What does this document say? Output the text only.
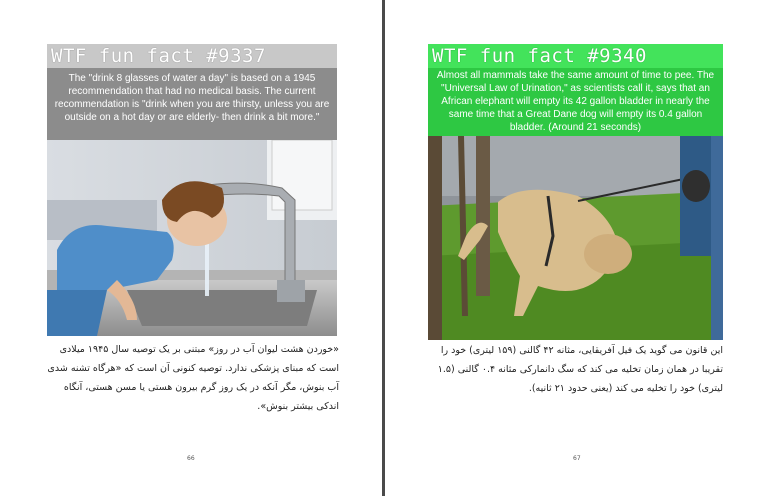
WTF fun fact #9337
The "drink 8 glasses of water a day" is based on a 1945 recommendation that had no medical basis. The current recommendation is "drink when you are thirsty, unless you are outside on a hot day or are elderly- then drink a bit more."
«خوردن هشت لیوان آب در روز» مبتنی بر یک توصیه سال ۱۹۴۵ میلادی است که مبنای پزشکی ندارد. توصیه کنونی آن است که «هرگاه تشنه شدی آب بنوش، مگر آنکه در یک روز گرم بیرون هستی یا مسن هستی، آنگاه اندکی بیشتر بنوش».
66
WTF fun fact #9340
Almost all mammals take the same amount of time to pee. The "Universal Law of Urination," as scientists call it, says that an African elephant will empty its 42 gallon bladder in nearly the same time that a Great Dane dog will empty its 0.4 gallon bladder. (Around 21 seconds)
این قانون می گوید یک فیل آفریقایی، مثانه ۴۲ گالنی (۱۵۹ لیتری) خود را تقریبا در همان زمان تخلیه می کند که سگ دانمارکی مثانه ۰.۴ گالنی (۱.۵ لیتری) خود را تخلیه می کند (یعنی حدود ۲۱ ثانیه).
67
